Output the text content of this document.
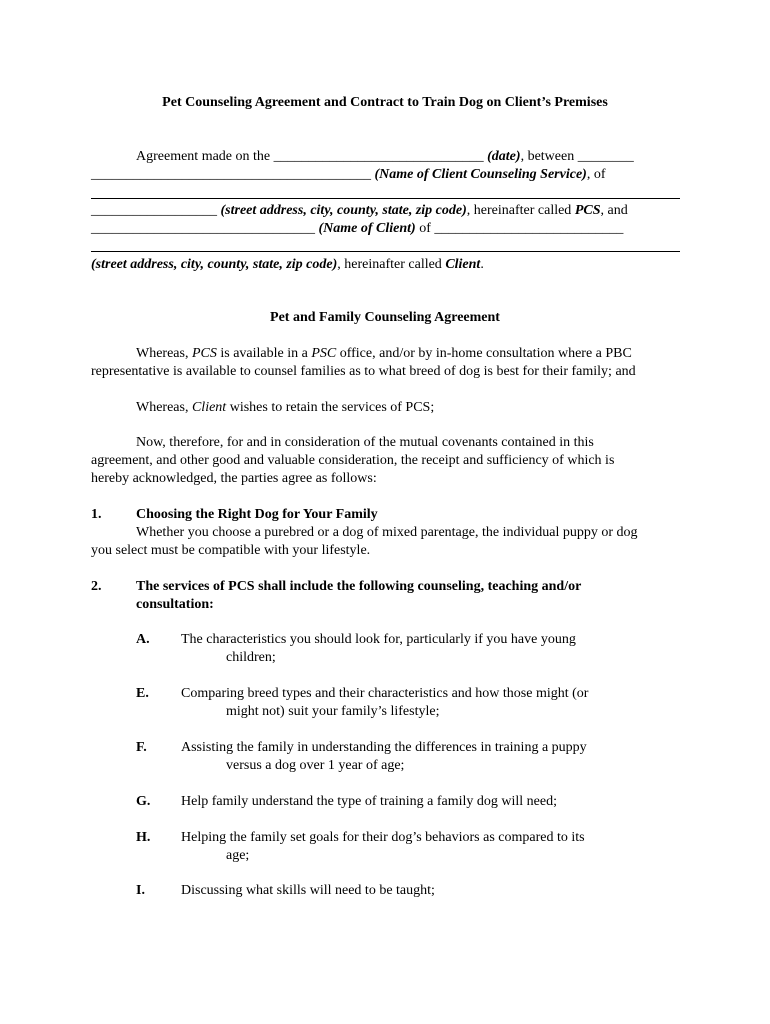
Pet Counseling Agreement and Contract to Train Dog on Client’s Premises
Agreement made on the ______________________________ (date), between ________
________________________________________ (Name of Client Counseling Service), of
__________________ (street address, city, county, state, zip code), hereinafter called PCS, and
________________________________ (Name of Client) of ___________________________
(street address, city, county, state, zip code), hereinafter called Client.
Pet and Family Counseling Agreement
Whereas, PCS is available in a PSC office, and/or by in-home consultation where a PBC
representative is available to counsel families as to what breed of dog is best for their family; and
Whereas, Client wishes to retain the services of PCS;
Now, therefore, for and in consideration of the mutual covenants contained in this
agreement, and other good and valuable consideration, the receipt and sufficiency of which is
hereby acknowledged, the parties agree as follows:
1. Choosing the Right Dog for Your Family
Whether you choose a purebred or a dog of mixed parentage, the individual puppy or dog
you select must be compatible with your lifestyle.
2. The services of PCS shall include the following counseling, teaching and/or
consultation:
A. The characteristics you should look for, particularly if you have young
children;
E. Comparing breed types and their characteristics and how those might (or
might not) suit your family’s lifestyle;
F. Assisting the family in understanding the differences in training a puppy
versus a dog over 1 year of age;
G. Help family understand the type of training a family dog will need;
H. Helping the family set goals for their dog’s behaviors as compared to its
age;
I.	Discussing what skills will need to be taught;
